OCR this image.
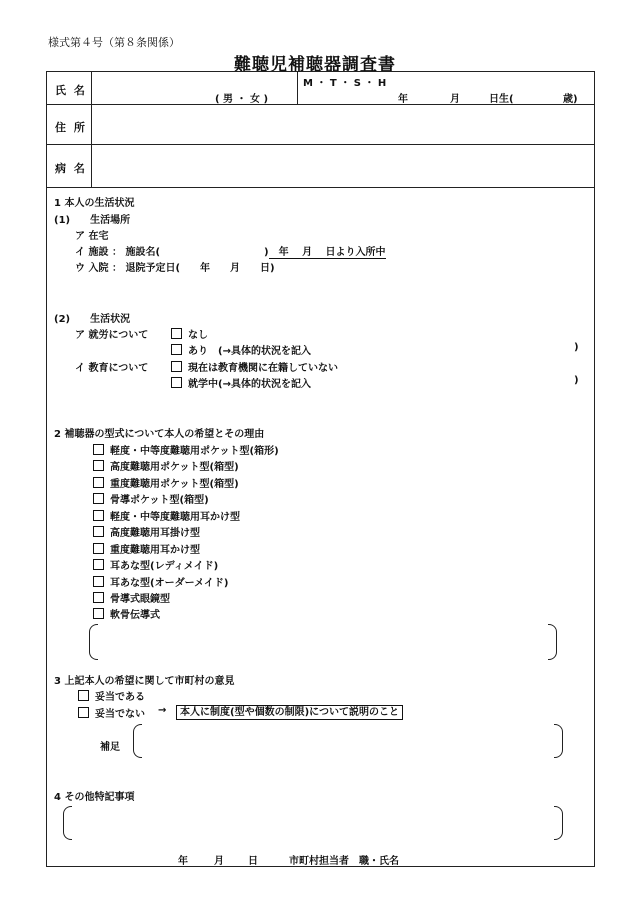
様式第４号（第８条関係）
難聴児補聴器調査書
氏 名
( 男 ・ 女 )
M ・ T ・ S ・ H
年	月	日生(	歳)
住 所
病 名
1 本人の生活状況
(1)　　生活場所
ア 在宅
イ 施設 ： 施設名(	)　年　 月　 日より入所中
ウ 入院 ： 退院予定日(　　年　　月　　日)
(2)　　生活状況
ア 就労について	なし
あり　(→具体的状況を記入	)
イ 教育について	現在は教育機関に在籍していない
就学中(→具体的状況を記入	)
2 補聴器の型式について本人の希望とその理由
軽度・中等度難聴用ポケット型(箱形)
高度難聴用ポケット型(箱型)
重度難聴用ポケット型(箱型)
骨導ポケット型(箱型)
軽度・中等度難聴用耳かけ型
高度難聴用耳掛け型
重度難聴用耳かけ型
耳あな型(レディメイド)
耳あな型(オーダーメイド)
骨導式眼鏡型
軟骨伝導式
3 上記本人の希望に関して市町村の意見
妥当である
妥当でない →	本人に制度(型や個数の制限)について説明のこと
補足
4 その他特記事項
年	月 日	市町村担当者　職・氏名
